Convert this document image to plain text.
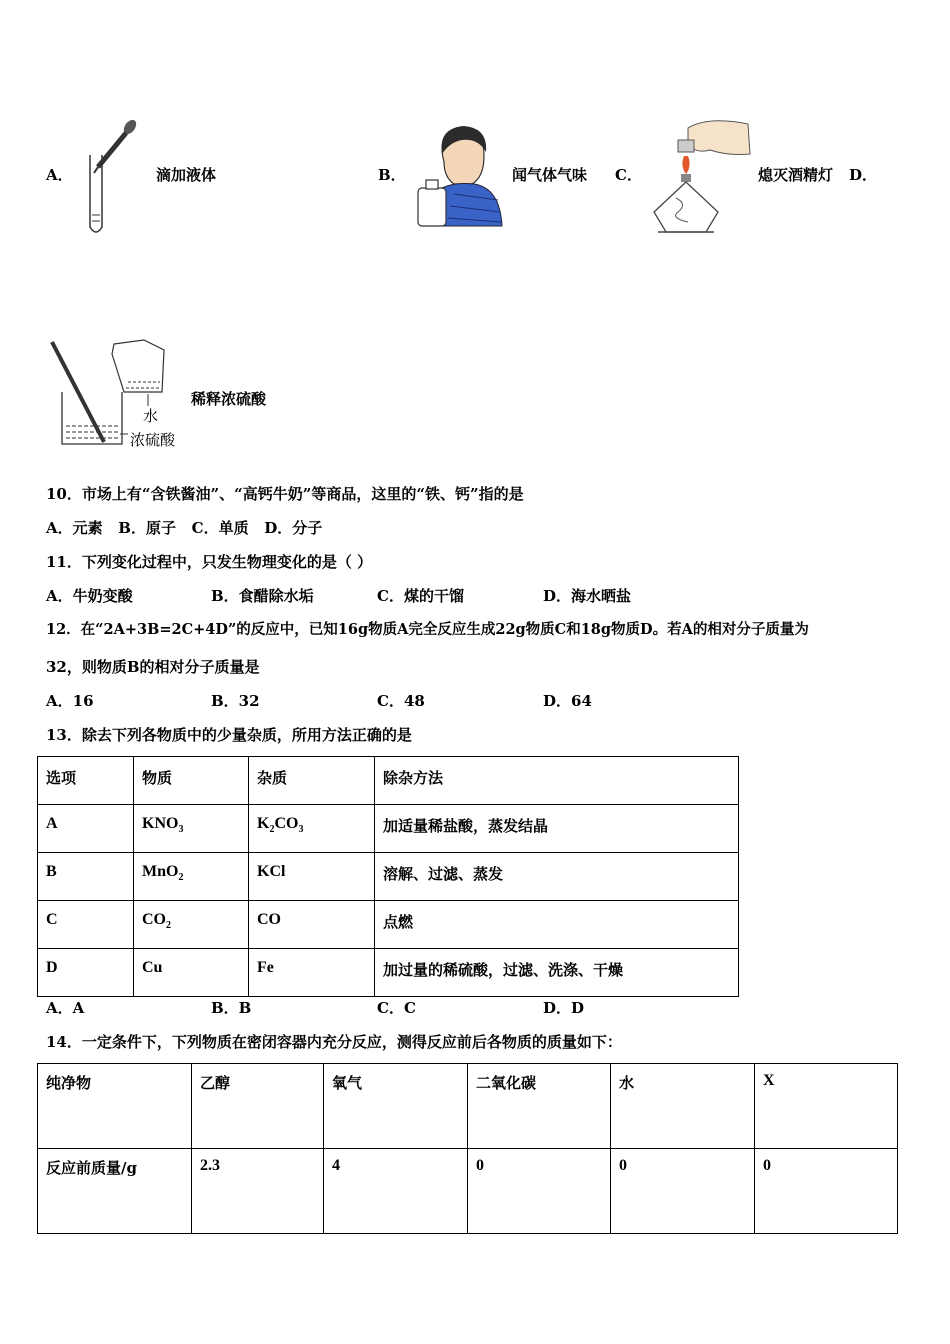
A．	滴加液体	B．	闻气体气味 C．	熄灭酒精灯 D．
水
浓硫酸
稀释浓硫酸
10．市场上有“含铁酱油”、“高钙牛奶”等商品，这里的“铁、钙”指的是
A．元素   B．原子   C．单质   D．分子
11．下列变化过程中，只发生物理变化的是（ ）
A．牛奶变酸	B．食醋除水垢	C．煤的干馏	D．海水晒盐
12．在“2A+3B=2C+4D”的反应中，已知16g物质A完全反应生成22g物质C和18g物质D。若A的相对分子质量为
32，则物质B的相对分子质量是
A．16	B．32	C．48	D．64
13．除去下列各物质中的少量杂质，所用方法正确的是
选项	物质	杂质	除杂方法
A	$KNO_3$	$K_2CO_3$	加适量稀盐酸，蒸发结晶
B	MnO$_2$	KCl	溶解、过滤、蒸发
C	$CO_2$	CO	点燃
D	Cu	Fe	加过量的稀硫酸，过滤、洗涤、干燥
A．A	B．B	C．C	D．D
14．一定条件下，下列物质在密闭容器内充分反应，测得反应前后各物质的质量如下：
纯净物	乙醇	氧气	二氧化碳	水	X
反应前质量/g	2.3	4	0	0	0
